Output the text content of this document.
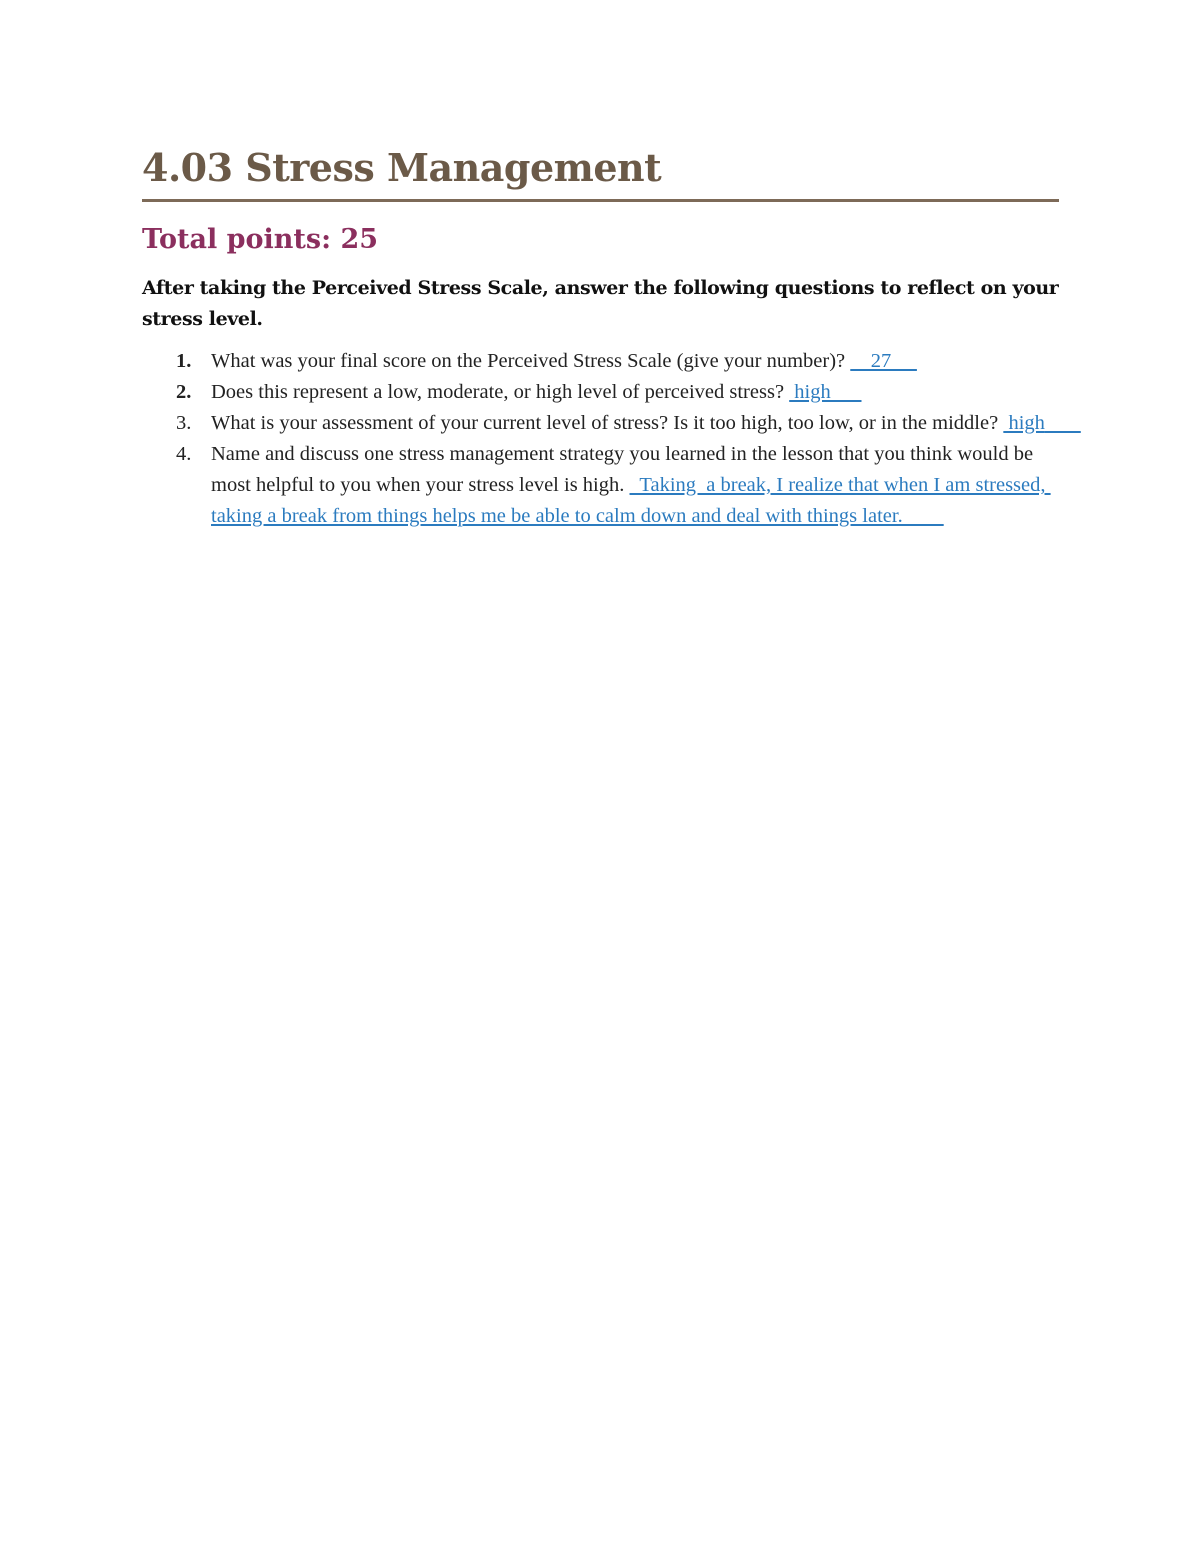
4.03 Stress Management
Total points: 25

After taking the Perceived Stress Scale, answer the following questions to reflect on your stress level.

1. What was your final score on the Perceived Stress Scale (give your number)?     27
2. Does this represent a low, moderate, or high level of perceived stress?  high
3. What is your assessment of your current level of stress? Is it too high, too low, or in the middle?  high
4. Name and discuss one stress management strategy you learned in the lesson that you think would be most helpful to you when your stress level is high.   Taking  a break, I realize that when I am stressed, taking a break from things helps me be able to calm down and deal with things later.
